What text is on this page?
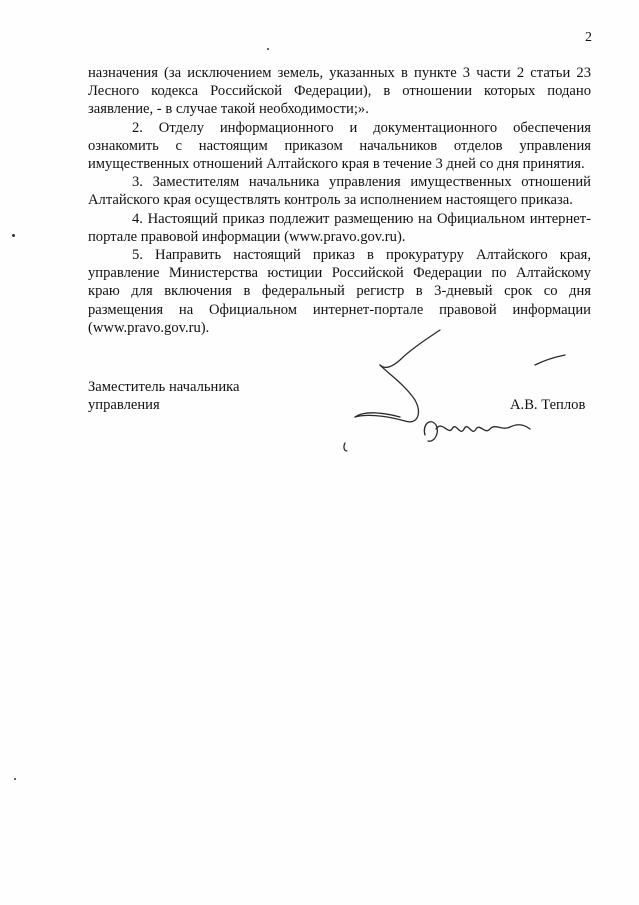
2

назначения (за исключением земель, указанных в пункте 3 части 2 статьи 23 Лесного кодекса Российской Федерации), в отношении которых подано заявление, - в случае такой необходимости;».

2. Отделу информационного и документационного обеспечения ознакомить с настоящим приказом начальников отделов управления имущественных отношений Алтайского края в течение 3 дней со дня принятия.

3. Заместителям начальника управления имущественных отношений Алтайского края осуществлять контроль за исполнением настоящего приказа.

4. Настоящий приказ подлежит размещению на Официальном интернет-портале правовой информации (www.pravo.gov.ru).

5. Направить настоящий приказ в прокуратуру Алтайского края, управление Министерства юстиции Российской Федерации по Алтайскому краю для включения в федеральный регистр в 3-дневый срок со дня размещения на Официальном интернет-портале правовой информации (www.pravo.gov.ru).

Заместитель начальника
управления	А.В. Теплов
